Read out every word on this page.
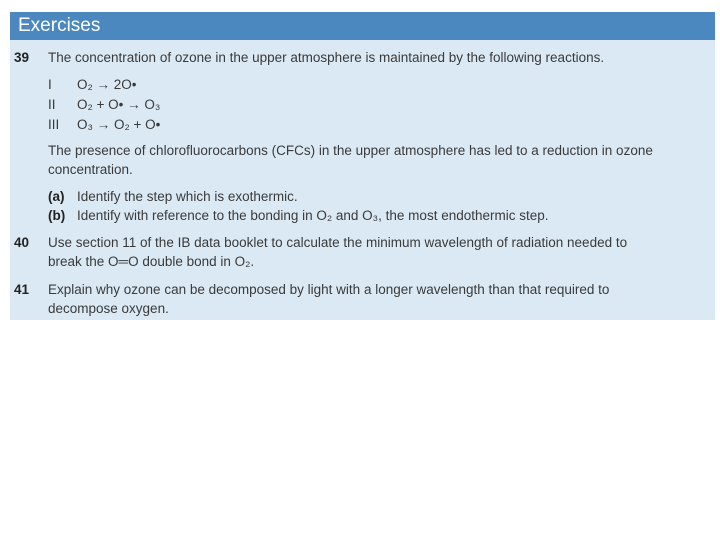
Exercises
39 The concentration of ozone in the upper atmosphere is maintained by the following reactions.
I	O₂ → 2O•
II	O₂ + O• → O₃
III	O₃ → O₂ + O•
The presence of chlorofluorocarbons (CFCs) in the upper atmosphere has led to a reduction in ozone
concentration.
(a) Identify the step which is exothermic.
(b) Identify with reference to the bonding in O₂ and O₃, the most endothermic step.
40 Use section 11 of the IB data booklet to calculate the minimum wavelength of radiation needed to
break the O═O double bond in O₂.
41 Explain why ozone can be decomposed by light with a longer wavelength than that required to
decompose oxygen.
